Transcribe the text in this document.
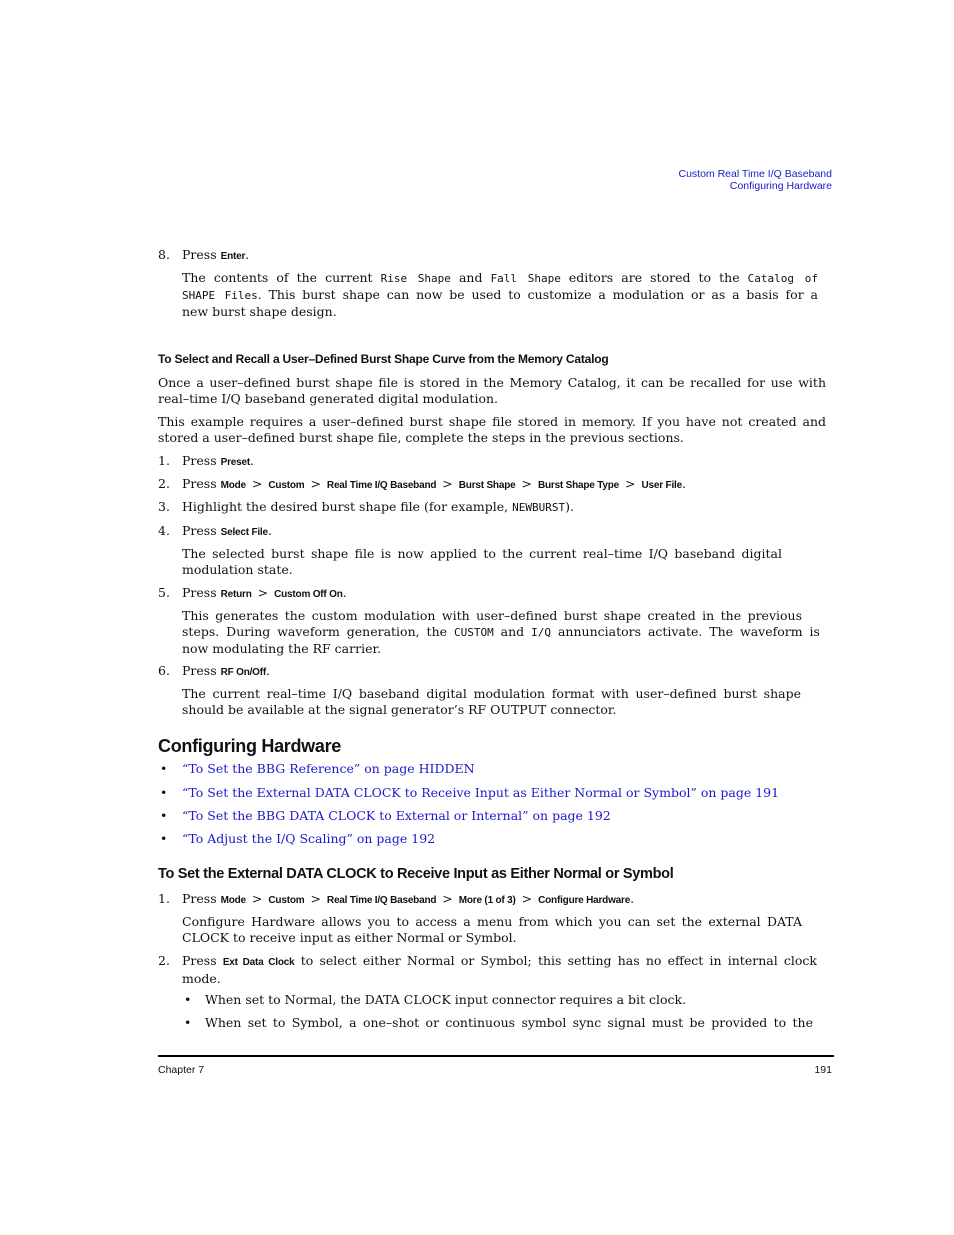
Custom Real Time I/Q Baseband
Configuring Hardware
8. Press Enter.
The contents of the current Rise Shape and Fall Shape editors are stored to the Catalog of
SHAPE Files. This burst shape can now be used to customize a modulation or as a basis for a
new burst shape design.
To Select and Recall a User–Defined Burst Shape Curve from the Memory Catalog
Once a user–defined burst shape file is stored in the Memory Catalog, it can be recalled for use with
real–time I/Q baseband generated digital modulation.
This example requires a user–defined burst shape file stored in memory. If you have not created and
stored a user–defined burst shape file, complete the steps in the previous sections.
1. Press Preset.
2. Press Mode > Custom > Real Time I/Q Baseband > Burst Shape > Burst Shape Type > User File.
3. Highlight the desired burst shape file (for example, NEWBURST).
4. Press Select File.
The selected burst shape file is now applied to the current real–time I/Q baseband digital
modulation state.
5. Press Return > Custom Off On.
This generates the custom modulation with user–defined burst shape created in the previous
steps. During waveform generation, the CUSTOM and I/Q annunciators activate. The waveform is
now modulating the RF carrier.
6. Press RF On/Off.
The current real–time I/Q baseband digital modulation format with user–defined burst shape
should be available at the signal generator’s RF OUTPUT connector.
Configuring Hardware
• “To Set the BBG Reference” on page HIDDEN
• “To Set the External DATA CLOCK to Receive Input as Either Normal or Symbol” on page 191
• “To Set the BBG DATA CLOCK to External or Internal” on page 192
• “To Adjust the I/Q Scaling” on page 192
To Set the External DATA CLOCK to Receive Input as Either Normal or Symbol
1. Press Mode > Custom > Real Time I/Q Baseband > More (1 of 3) > Configure Hardware.
Configure Hardware allows you to access a menu from which you can set the external DATA
CLOCK to receive input as either Normal or Symbol.
2. Press Ext Data Clock to select either Normal or Symbol; this setting has no effect in internal clock
mode.
• When set to Normal, the DATA CLOCK input connector requires a bit clock.
• When set to Symbol, a one–shot or continuous symbol sync signal must be provided to the
Chapter 7	191
